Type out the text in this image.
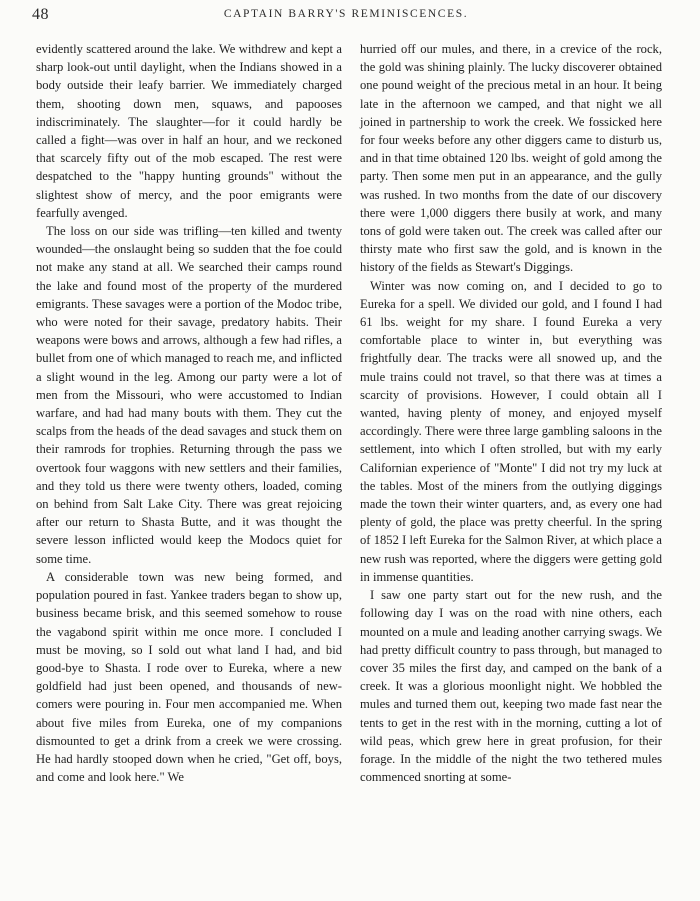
48	CAPTAIN BARRY'S REMINISCENCES.

evidently scattered around the lake. We withdrew and kept a sharp look-out until daylight, when the Indians showed in a body outside their leafy barrier. We immediately charged them, shooting down men, squaws, and papooses indiscriminately. The slaughter—for it could hardly be called a fight—was over in half an hour, and we reckoned that scarcely fifty out of the mob escaped. The rest were despatched to the "happy hunting grounds" without the slightest show of mercy, and the poor emigrants were fearfully avenged.

The loss on our side was trifling—ten killed and twenty wounded—the onslaught being so sudden that the foe could not make any stand at all. We searched their camps round the lake and found most of the property of the murdered emigrants. These savages were a portion of the Modoc tribe, who were noted for their savage, predatory habits. Their weapons were bows and arrows, although a few had rifles, a bullet from one of which managed to reach me, and inflicted a slight wound in the leg. Among our party were a lot of men from the Missouri, who were accustomed to Indian warfare, and had had many bouts with them. They cut the scalps from the heads of the dead savages and stuck them on their ramrods for trophies. Returning through the pass we overtook four waggons with new settlers and their families, and they told us there were twenty others, loaded, coming on behind from Salt Lake City. There was great rejoicing after our return to Shasta Butte, and it was thought the severe lesson inflicted would keep the Modocs quiet for some time.

A considerable town was new being formed, and population poured in fast. Yankee traders began to show up, business became brisk, and this seemed somehow to rouse the vagabond spirit within me once more. I concluded I must be moving, so I sold out what land I had, and bid good-bye to Shasta. I rode over to Eureka, where a new goldfield had just been opened, and thousands of new-comers were pouring in. Four men accompanied me. When about five miles from Eureka, one of my companions dismounted to get a drink from a creek we were crossing. He had hardly stooped down when he cried, "Get off, boys, and come and look here." We

hurried off our mules, and there, in a crevice of the rock, the gold was shining plainly. The lucky discoverer obtained one pound weight of the precious metal in an hour. It being late in the afternoon we camped, and that night we all joined in partnership to work the creek. We fossicked here for four weeks before any other diggers came to disturb us, and in that time obtained 120 lbs. weight of gold among the party. Then some men put in an appearance, and the gully was rushed. In two months from the date of our discovery there were 1,000 diggers there busily at work, and many tons of gold were taken out. The creek was called after our thirsty mate who first saw the gold, and is known in the history of the fields as Stewart's Diggings.

Winter was now coming on, and I decided to go to Eureka for a spell. We divided our gold, and I found I had 61 lbs. weight for my share. I found Eureka a very comfortable place to winter in, but everything was frightfully dear. The tracks were all snowed up, and the mule trains could not travel, so that there was at times a scarcity of provisions. However, I could obtain all I wanted, having plenty of money, and enjoyed myself accordingly. There were three large gambling saloons in the settlement, into which I often strolled, but with my early Californian experience of "Monte" I did not try my luck at the tables. Most of the miners from the outlying diggings made the town their winter quarters, and, as every one had plenty of gold, the place was pretty cheerful. In the spring of 1852 I left Eureka for the Salmon River, at which place a new rush was reported, where the diggers were getting gold in immense quantities.

I saw one party start out for the new rush, and the following day I was on the road with nine others, each mounted on a mule and leading another carrying swags. We had pretty difficult country to pass through, but managed to cover 35 miles the first day, and camped on the bank of a creek. It was a glorious moonlight night. We hobbled the mules and turned them out, keeping two made fast near the tents to get in the rest with in the morning, cutting a lot of wild peas, which grew here in great profusion, for their forage. In the middle of the night the two tethered mules commenced snorting at some-
